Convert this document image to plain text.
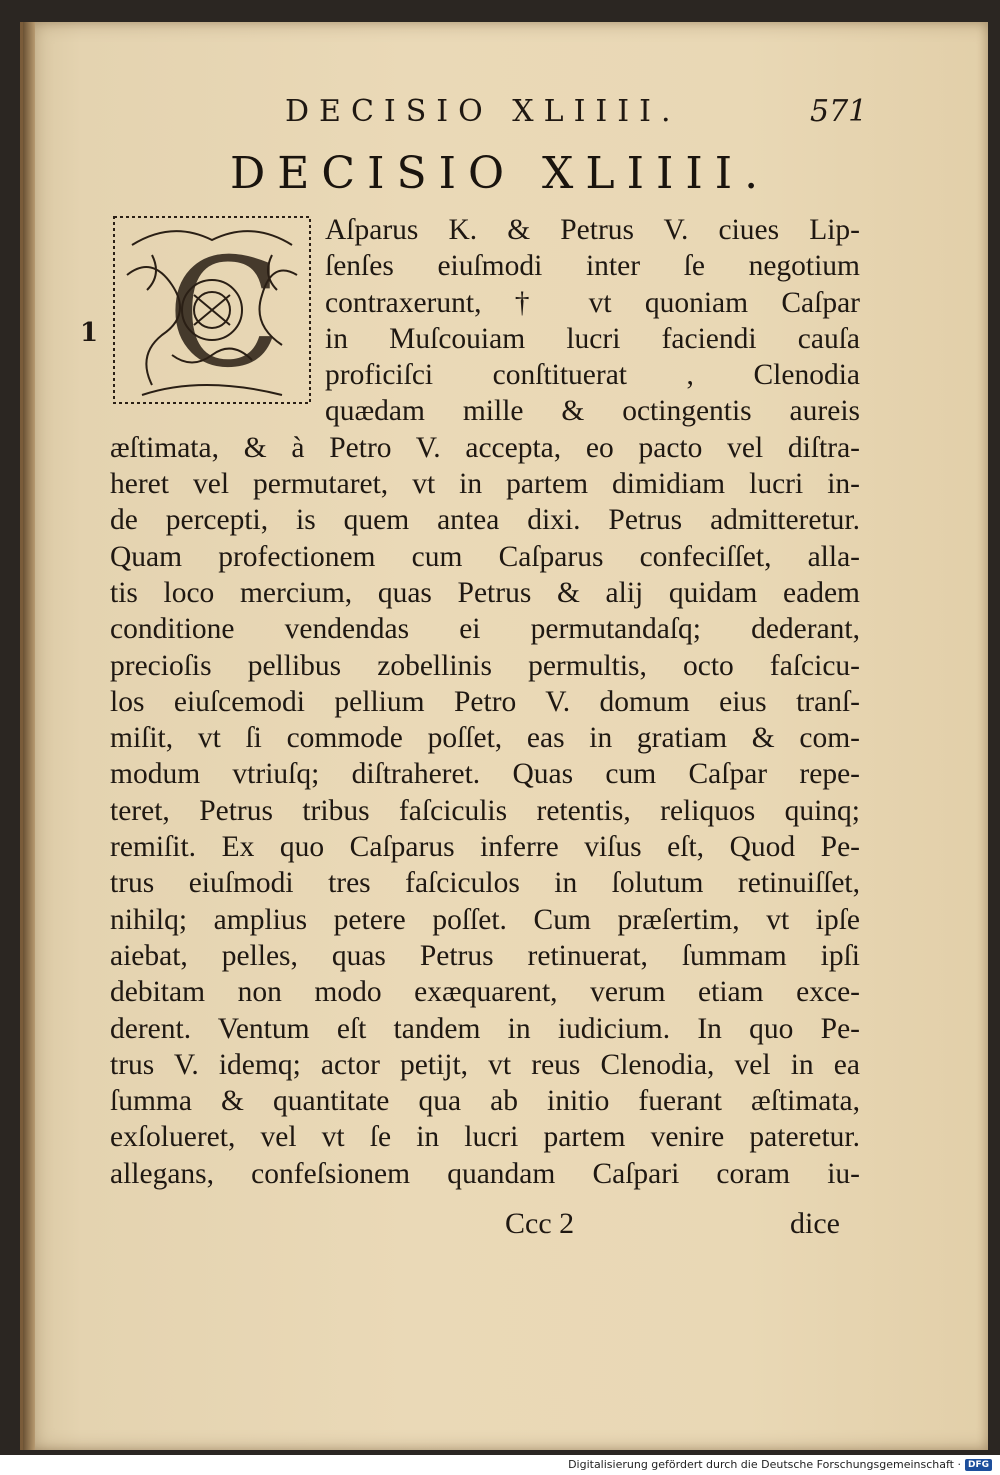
DECISIO XLIIII.	571
DECISIO XLIIII.
C
1
Aſparus K. & Petrus V. ciues Lip-
ſenſes eiuſmodi inter ſe negotium
contraxerunt, † vt quoniam Caſpar
in Muſcouiam lucri faciendi cauſa
proficiſci conſtituerat , Clenodia
quædam mille & octingentis aureis
æſtimata, & à Petro V. accepta, eo pacto vel diſtra-
heret vel permutaret, vt in partem dimidiam lucri in-
de percepti, is quem antea dixi. Petrus admitteretur.
Quam profectionem cum Caſparus confeciſſet, alla-
tis loco mercium, quas Petrus & alij quidam eadem
conditione vendendas ei permutandaſq; dederant,
precioſis pellibus zobellinis permultis, octo faſcicu-
los eiuſcemodi pellium Petro V. domum eius tranſ-
miſit, vt ſi commode poſſet, eas in gratiam & com-
modum vtriuſq; diſtraheret. Quas cum Caſpar repe-
teret, Petrus tribus faſciculis retentis, reliquos quinq;
remiſit. Ex quo Caſparus inferre viſus eſt, Quod Pe-
trus eiuſmodi tres faſciculos in ſolutum retinuiſſet,
nihilq; amplius petere poſſet. Cum præſertim, vt ipſe
aiebat, pelles, quas Petrus retinuerat, ſummam ipſi
debitam non modo exæquarent, verum etiam exce-
derent. Ventum eſt tandem in iudicium. In quo Pe-
trus V. idemq; actor petijt, vt reus Clenodia, vel in ea
ſumma & quantitate qua ab initio fuerant æſtimata,
exſolueret, vel vt ſe in lucri partem venire pateretur.
allegans, confeſsionem quandam Caſpari coram iu-
Ccc 2	dice
Digitalisierung gefördert durch die Deutsche Forschungsgemeinschaft · DFG
